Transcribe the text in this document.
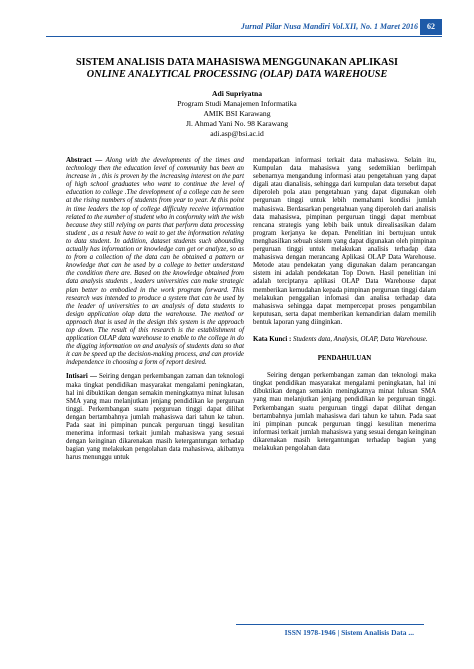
Jurnal Pilar Nusa Mandiri Vol.XII, No. 1 Maret 2016	62
SISTEM ANALISIS DATA MAHASISWA MENGGUNAKAN APLIKASI
ONLINE ANALYTICAL PROCESSING (OLAP) DATA WAREHOUSE
Adi Supriyatna
Program Studi Manajemen Informatika
AMIK BSI Karawang
Jl. Ahmad Yani No. 98 Karawang
adi.asp@bsi.ac.id

Abstract — Along with the developments of the times and technology then the education level of community has been an increase in , this is proven by the increasing interest on the part of high school graduates who want to continue the level of education to college .The development of a college can be seen at the rising numbers of students from year to year. At this point in time leaders the top of college difficulty receive information related to the number of student who in conformity with the wish because they still relying on parts that perform data processing student , as a result have to wait to get the information relating to data student. In addition, dataset students such abounding actually has information or knowledge can get or analyze, so as to from a collection of the data can be obtained a pattern or knowledge that can be used by a college to better understand the condition there are. Based on the knowledge obtained from data analysis students , leaders universities can make strategic plan better to embodied in the work program forward. This research was intended to produce a system that can be used by the leader of universities to an analysis of data students to design application olap data the warehouse. The method or approach that is used in the design this system is the approach top down. The result of this research is the establishment of application OLAP data warehouse to enable to the college in do the digging information on and analysis of students data so that it can be speed up the decision-making process, and can provide independence in choosing a form of report desired.

Intisari — Seiring dengan perkembangan zaman dan teknologi maka tingkat pendidikan masyarakat mengalami peningkatan, hal ini dibuktikan dengan semakin meningkatnya minat lulusan SMA yang mau melanjutkan jenjang pendidikan ke perguruan tinggi. Perkembangan suatu perguruan tinggi dapat dilihat dengan bertambahnya jumlah mahasiswa dari tahun ke tahun. Pada saat ini pimpinan puncak perguruan tinggi kesulitan menerima informasi terkait jumlah mahasiswa yang sesuai dengan keinginan dikarenakan masih ketergantungan terhadap bagian yang melakukan pengolahan data mahasiswa, akibatnya harus menunggu untuk

mendapatkan informasi terkait data mahasiswa. Selain itu, Kumpulan data mahasiswa yang sedemikian berlimpah sebenarnya mengandung informasi atau pengetahuan yang dapat digali atau dianalisis, sehingga dari kumpulan data tersebut dapat diperoleh pola atau pengetahuan yang dapat digunakan oleh perguruan tinggi untuk lebih memahami kondisi jumlah mahasiswa. Berdasarkan pengetahuan yang diperoleh dari analisis data mahasiswa, pimpinan perguruan tinggi dapat membuat rencana strategis yang lebih baik untuk direalisasikan dalam program kerjanya ke depan. Penelitian ini bertujuan untuk menghasilkan sebuah sistem yang dapat digunakan oleh pimpinan perguruan tinggi untuk melakukan analisis terhadap data mahasiswa dengan merancang Aplikasi OLAP Data Warehouse. Metode atau pendekatan yang digunakan dalam perancangan sistem ini adalah pendekatan Top Down. Hasil penelitian ini adalah terciptanya aplikasi OLAP Data Warehouse dapat memberikan kemudahan kepada pimpinan perguruan tinggi dalam melakukan penggalian infomasi dan analisa terhadap data mahasiswa sehingga dapat mempercepat proses pengambilan keputusan, serta dapat memberikan kemandirian dalam memilih bentuk laporan yang diinginkan.

Kata Kunci : Students data, Analysis, OLAP, Data Warehouse.

PENDAHULUAN

Seiring dengan perkembangan zaman dan teknologi maka tingkat pendidikan masyarakat mengalami peningkatan, hal ini dibuktikan dengan semakin meningkatnya minat lulusan SMA yang mau melanjutkan jenjang pendidikan ke perguruan tinggi. Perkembangan suatu perguruan tinggi dapat dilihat dengan bertambahnya jumlah mahasiswa dari tahun ke tahun. Pada saat ini pimpinan puncak perguruan tinggi kesulitan menerima informasi terkait jumlah mahasiswa yang sesuai dengan keinginan dikarenakan masih ketergantungan terhadap bagian yang melakukan pengolahan data

ISSN 1978-1946 | Sistem Analisis Data ...
